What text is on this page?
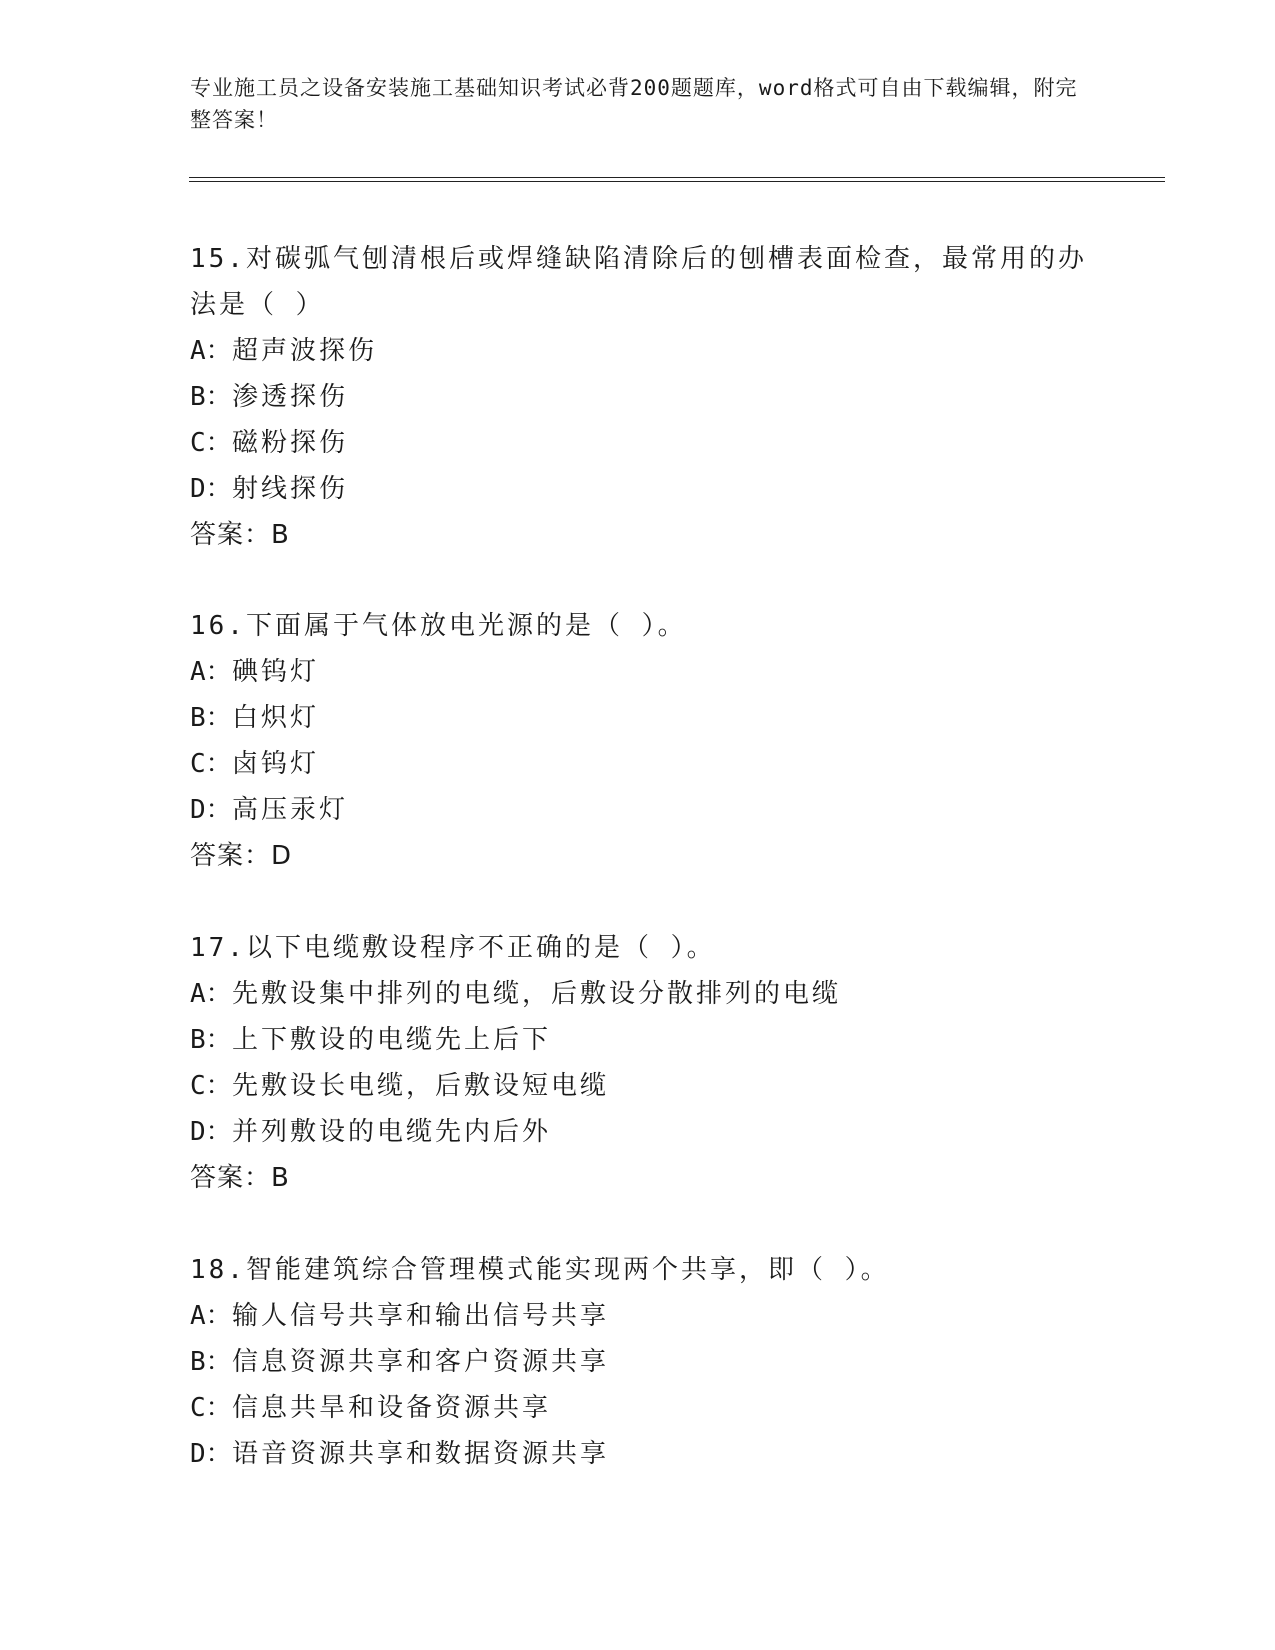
专业施工员之设备安装施工基础知识考试必背200题题库，word格式可自由下载编辑，附完整答案！
15.对碳弧气刨清根后或焊缝缺陷清除后的刨槽表面检查，最常用的办法是（ ）
A：超声波探伤
B：渗透探伤
C：磁粉探伤
D：射线探伤
答案：B
16.下面属于气体放电光源的是（ ）。
A：碘钨灯
B：白炽灯
C：卤钨灯
D：高压汞灯
答案：D
17.以下电缆敷设程序不正确的是（ ）。
A：先敷设集中排列的电缆，后敷设分散排列的电缆
B：上下敷设的电缆先上后下
C：先敷设长电缆，后敷设短电缆
D：并列敷设的电缆先内后外
答案：B
18.智能建筑综合管理模式能实现两个共享，即（ ）。
A：输人信号共享和输出信号共享
B：信息资源共享和客户资源共享
C：信息共旱和设备资源共享
D：语音资源共享和数据资源共享
